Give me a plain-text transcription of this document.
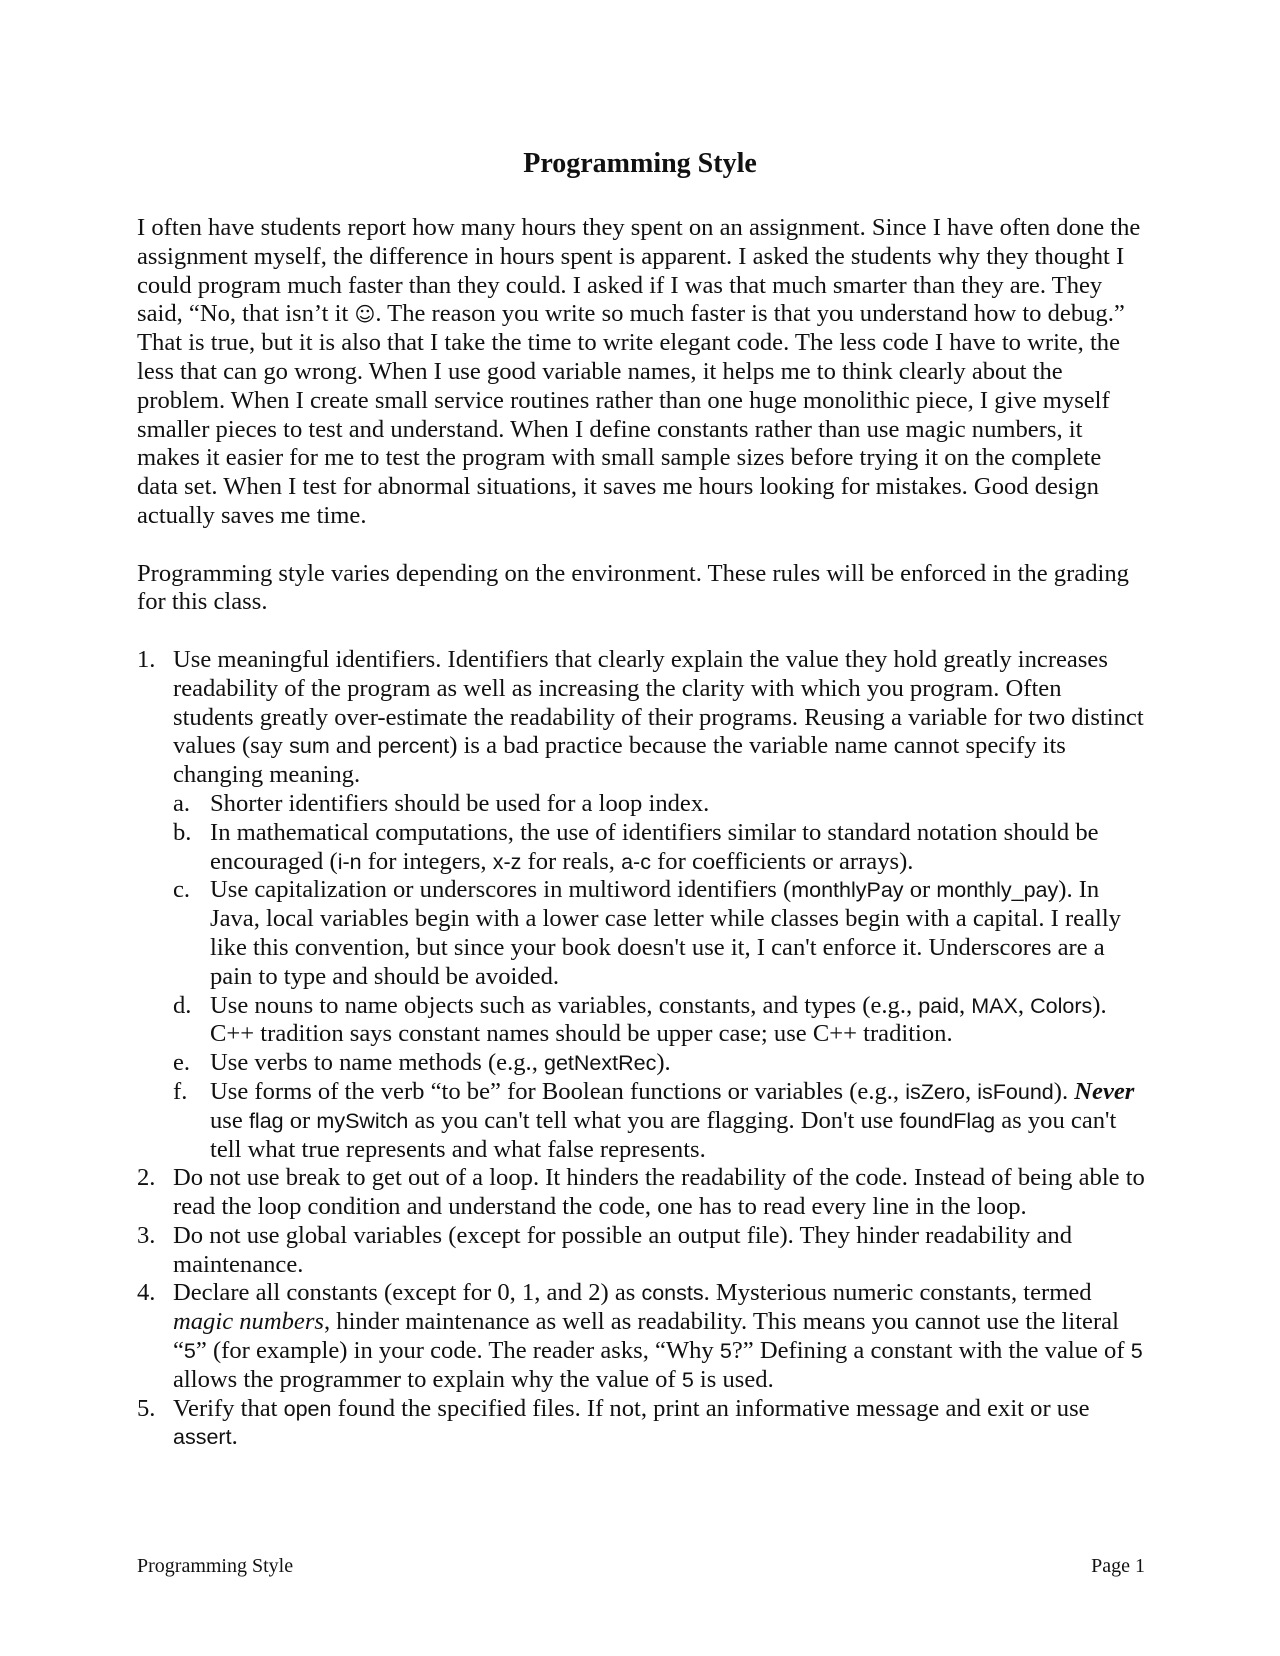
Programming Style

I often have students report how many hours they spent on an assignment. Since I have often done the assignment myself, the difference in hours spent is apparent. I asked the students why they thought I could program much faster than they could. I asked if I was that much smarter than they are. They said, “No, that isn’t it ☺. The reason you write so much faster is that you understand how to debug.” That is true, but it is also that I take the time to write elegant code. The less code I have to write, the less that can go wrong. When I use good variable names, it helps me to think clearly about the problem. When I create small service routines rather than one huge monolithic piece, I give myself smaller pieces to test and understand. When I define constants rather than use magic numbers, it makes it easier for me to test the program with small sample sizes before trying it on the complete data set. When I test for abnormal situations, it saves me hours looking for mistakes. Good design actually saves me time.

Programming style varies depending on the environment. These rules will be enforced in the grading for this class.

1. Use meaningful identifiers. Identifiers that clearly explain the value they hold greatly increases readability of the program as well as increasing the clarity with which you program. Often students greatly over-estimate the readability of their programs. Reusing a variable for two distinct values (say sum and percent) is a bad practice because the variable name cannot specify its changing meaning.
a. Shorter identifiers should be used for a loop index.
b. In mathematical computations, the use of identifiers similar to standard notation should be encouraged (i-n for integers, x-z for reals, a-c for coefficients or arrays).
c. Use capitalization or underscores in multiword identifiers (monthlyPay or monthly_pay). In Java, local variables begin with a lower case letter while classes begin with a capital. I really like this convention, but since your book doesn't use it, I can't enforce it. Underscores are a pain to type and should be avoided.
d. Use nouns to name objects such as variables, constants, and types (e.g., paid, MAX, Colors). C++ tradition says constant names should be upper case; use C++ tradition.
e. Use verbs to name methods (e.g., getNextRec).
f. Use forms of the verb “to be” for Boolean functions or variables (e.g., isZero, isFound). Never use flag or mySwitch as you can't tell what you are flagging. Don't use foundFlag as you can't tell what true represents and what false represents.
2. Do not use break to get out of a loop. It hinders the readability of the code. Instead of being able to read the loop condition and understand the code, one has to read every line in the loop.
3. Do not use global variables (except for possible an output file). They hinder readability and maintenance.
4. Declare all constants (except for 0, 1, and 2) as consts. Mysterious numeric constants, termed magic numbers, hinder maintenance as well as readability. This means you cannot use the literal “5” (for example) in your code. The reader asks, “Why 5?” Defining a constant with the value of 5 allows the programmer to explain why the value of 5 is used.
5. Verify that open found the specified files. If not, print an informative message and exit or use assert.
Programming Style	Page 1
